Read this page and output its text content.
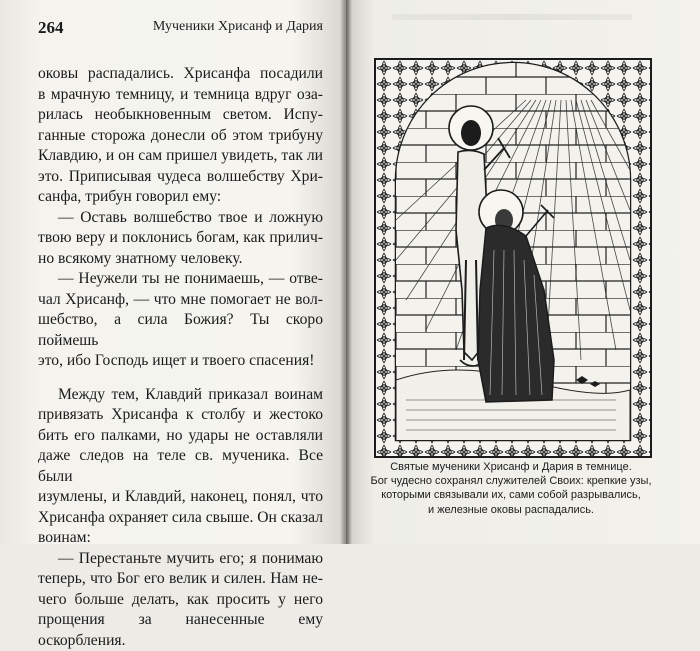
264	Мученики Хрисанф и Дария

оковы распадались. Хрисанфа посадили
в мрачную темницу, и темница вдруг оза-
рилась необыкновенным светом. Испу-
ганные сторожа донесли об этом трибуну
Клавдию, и он сам пришел увидеть, так ли
это. Приписывая чудеса волшебству Хри-
санфа, трибун говорил ему:

— Оставь волшебство твое и ложную
твою веру и поклонись богам, как прилич-
но всякому знатному человеку.

— Неужели ты не понимаешь, — отве-
чал Хрисанф, — что мне помогает не вол-
шебство, а сила Божия? Ты скоро поймешь
это, ибо Господь ищет и твоего спасения!

Между тем, Клавдий приказал воинам
привязать Хрисанфа к столбу и жестоко
бить его палками, но удары не оставляли
даже следов на теле св. мученика. Все были
изумлены, и Клавдий, наконец, понял, что
Хрисанфа охраняет сила свыше. Он сказал
воинам:

— Перестаньте мучить его; я понимаю
теперь, что Бог его велик и силен. Нам не-
чего больше делать, как просить у него
прощения за нанесенные ему оскорбления.

Святые мученики Хрисанф и Дария в темнице.
Бог чудесно сохранял служителей Своих: крепкие узы,
которыми связывали их, сами собой разрывались,
и железные оковы распадались.
